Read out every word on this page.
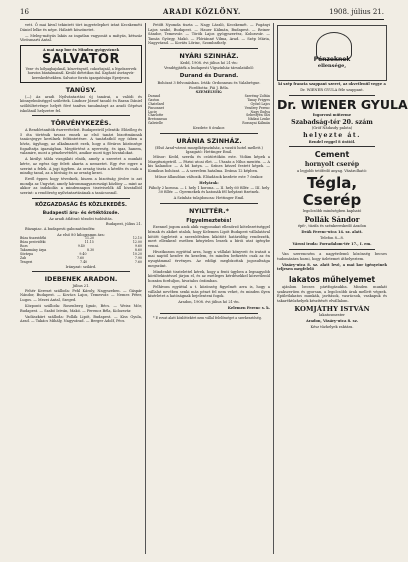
16	ARADI KÖZLÖNY.	1908. július 21.

vett. Ő mai kivul tekintett tört ingyetelephet iránt Kecskeméti Dániel lelke és népe. Hálatét köszönetet.

— Meleg-mátyás lakás az ingatlan vagyonát a mátyás, kétszáz Vörösmarti Antal.

A mai nap bor és Minden gyógyvíznek
SALVATOR
Vese- és hólyagbajoknál, köszvénynél, cukorbajnál, a légzőszervek hurutos bántalmainál. Kiváló diétetikus ital. Kapható ásványvíz-kereskedésekben. Salvator forrás igazgatósága Eperjesen.
TANÚSY.

(—) Az aradi Nyilvántartási új tanárai, a valódi és könnyelműséggel születtek. Lindner József tanuló és Baran Dániel szőlőültetvénye helyét fővé tanítva tanulmányt az aradi Gépészi iskolánál helyzetre fel.

TÖRVÉNYKEZÉS.

A Rendőrtanítók észrevételeit. Budapestről jelentik: Előzőleg és 5 óta történik tavasz ennek az első tanári bizottmánnak tanácsjegye kerülnek feltüntetésre. A tanárlatból egy ízben a hívás, úgyhogy, az alkalmazott ezek, hogy a főváros közönsége fogadtatja igazságban. Megtörtént a nyereség, és igaz, hanem, valamire, most a pénzbevételét, amikor most ügyi hivatalokat.

A királyi tábla vizsgálati elnök, amely a szeretet a munkát kérte, az egész ügy felett akarta a nemzetet. Egy éve egyre a szerint a felek. A jogi ügyben. Az ország tiszta a kérdés és csak a mindig tanul, az a bíróság és az ország kezei.

Erről éppen hogy tévednek, hiszen a bizottság jövőre is azt mondja az Ungvári, amely hárommagyarországi közlöny — mint az akkor az indokolás a mindennapos tisztviselők áll hivatalból szerint: a rendőrség nyilvántartásának a tanácsosnál.

KÖZGAZDASÁG ÉS KÖZLEKEDÉS.
Budapesti áru- és értéktőzsde.
Az aradi átlátszó tőzsdei tudósítás.
Budapest, július 21.

Búzapiac. A budapesti gabonatőzsdén:

Az első 80 kilogramm ára:
Búza tiszavidéki	11.20	12.10
Búza pestvidéki	11.15	12.00
Rozs	9.40	9.60
Takarmány árpa	8.30	8.60
Sörárpa	9.40	10.20
Zab	7.60	7.90
Tengeri	7.40	7.60

Irányzat: szilárd.

IDEBENEK ARADON.
Július 21.

Fehér Kereszt szálloda: Fehl Károly, Nagyszeben. — Gáspár Nándor, Budapest. — Kovács Lajos, Temesvár. — Nemes Péter, Lugos. — Mezei Antal, Szeged.

Központi szálloda: Rosenberg Ignác, Bécs. — Weisz Mór, Budapest. — Szabó István, Makó. — Ferencz Béla, Kolozsvár.

Vadászkürt szálloda: Pollák Lipót, Budapest. — Kiss Gyula, Arad. — Takács Mihály, Nagyvárad. — Berger Adolf, Pécs.

Petőfi Nyomda tiszta — Nagy László, Kecskemét. — Pogányi Lajos szabó, Budapest. — Hauer Kálmán, Budapest. — Reiner Sándor, Temesvár. — Török Lajos gyógyszerész, Kolozsvár. — Tamás György, Makó. — Flóriánné Vilma, Arad. — Szép Mária, Nagyvárad. — Kováts Lőrinc, Szombathely.

NYÁRI SZINHÁZ.
Kedd, 1908. évi július hó 21-én:
Vendégjáték a budapesti Vígszínház társulatából:
Durand és Durand.
Bohózat 3 felvonásban. Irták: Ordonneau és Valabrègue. Fordította: Fái J. Béla.
SZEMÉLYEK:
Durand	Szerémy Zoltán
Gaston	Tanay Frigyes
Chatelard	Győző Lajos
Pinsonnet	Vendrey Ferenc
Lucie	Nagy Ibolya
Charlotte	Sebestyén Gizi
Bretonneau	Nádasi Lenke
Gabrielle	Rozsnyai Kálmán
Kezdete 8 órakor.
URÁNIA SZINHÁZ.
(Első Arad-városi mozgóképszínház, a vasúti hotel mellett.)
Igazgató: Hettinger Emil.

Műsor: Kedd, szerda és csütörtökön este. Vidám képek a Margitszigetről. — Párisi utcai élet. — Utazás a Nílus mentén. — A kis kalandor. — A hű kutya. — Színes kézzel festett képek. — Komikus bohózat. — A szerelem hatalma. Dráma 12 képben.

Műsor állandóan változik. Előadások kezdete este 7 órakor.

Helyárak:

Páholy 2 korona. — I. hely 1 korona. — II. hely 60 fillér. — III. hely 30 fillér. — Gyermekek és katonák fél helyárat fizetnek.

A Színház tulajdonosa: Hettinger Emil.
NYILTTÉR.*
Figyelmeztetés!

Ezennel jogom azok akik vagyonukat ellenőrző kötelezettséggel bírnak és akiket utalok, hogy Kelemen Lipót Budapest vállalatával kötött ügyleteit a szerződésben kikötött határidőig rendezzék, mert ellenkező esetben kénytelen leszek a bírói utat igénybe venni.

Hivatkozom egyúttal arra, hogy a vállalat könyveit és iratait a mai naptól kezdve én kezelem, és minden befizetés csak az én nyugtámmal érvényes. Az eddigi megbízottak jogosultsága megszűnt.

Mindenkit tisztelettel kérek, hogy a fenti ügyben a legnagyobb körültekintéssel járjon el, és az esetleges kérdésekkel közvetlenül hozzám forduljon, hivatalos óráimban.

Felhívom egyúttal a t. közönség figyelmét arra is, hogy a vállalat nevében senki más pénzt fel nem vehet, és minden ilyen kísérletet a hatóságnak bejelenteni fogok.

Aradon, 1908. évi július hó 21-én.

Kelemen Ferenc s. k.

* E rovat alatt közlöttekért nem vállal felelősséget a szerkesztőség.

Pénzeknek
ellensége,

ki szép francia szappant szeret, az okvetlenül vegye a

Dr. WIENER GYULA féle szappant.

Dr. WIENER GYULA

fogorvosi műterme

Szabadság-tér 20. szám

(Gróf Nádasdy palota)

helyezte át.

Rendel reggel 8 órától.

Cement
hornyolt cserép

a legjobb tetőfedő anyag. Vásárolható:

Tégla,
Cserép

legolcsóbb minőségben kapható

Pollák Sándor

épít-, tüzifa és szénkereskedő Aradon

Deák Ferenc-utca 14. sz. alatt.

Telefon 8—8.

Városi iroda: Forradalom-tér 17., I. em.

Van szerencsém a nagyérdemű közönség becses tudomására hozni, hogy üzletemet áthelyeztem.

Vásáry-utca 8. sz. alatt levő, a mai kor igényeinek teljesen megfelelő

lakatos műhelyemet

ajánlom becses pártfogásukba. Minden munkát szakszerűen és gyorsan, a legolcsóbb árak mellett végzek. Épületlakatos munkák, javítások, vasrácsok, vaskapuk és takaréktűzhelyek készítését elvállalom.

KOMJÁTHY ISTVÁN

lakatosmester

Aradon, Vásáry-utca 8. sz.

Kész tűzhelyek raktára.
